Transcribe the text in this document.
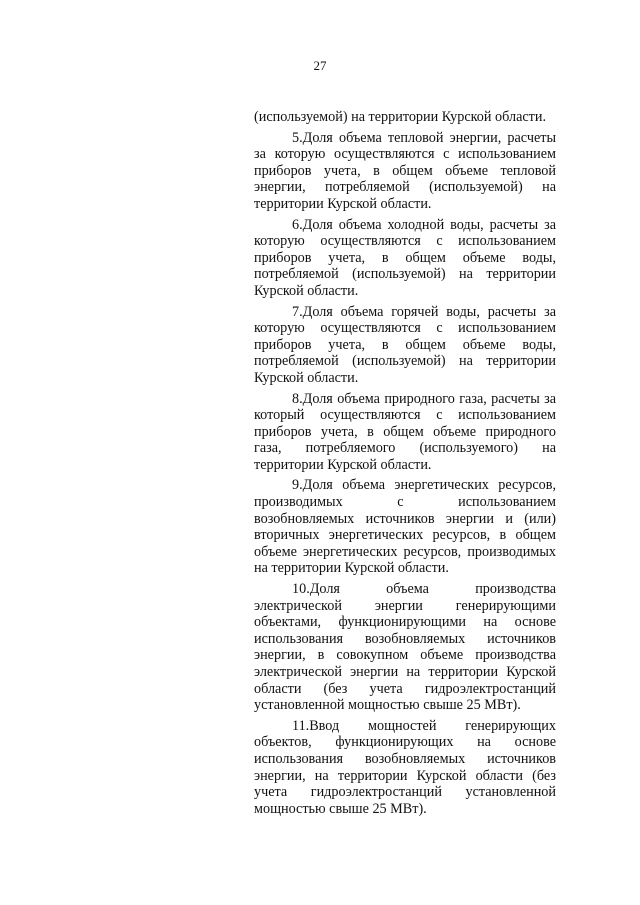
27

(используемой) на территории Курской области.

5.Доля объема тепловой энергии, расчеты за которую осуществляются с использованием приборов учета, в общем объеме тепловой энергии, потребляемой (используемой) на территории Курской области.

6.Доля объема холодной воды, расчеты за которую осуществляются с использованием приборов учета, в общем объеме воды, потребляемой (используемой) на территории Курской области.

7.Доля объема горячей воды, расчеты за которую осуществляются с использованием приборов учета, в общем объеме воды, потребляемой (используемой) на территории Курской области.

8.Доля объема природного газа, расчеты за который осуществляются с использованием приборов учета, в общем объеме природного газа, потребляемого (используемого) на территории Курской области.

9.Доля объема энергетических ресурсов, производимых с использованием возобновляемых источников энергии и (или) вторичных энергетических ресурсов, в общем объеме энергетических ресурсов, производимых на территории Курской области.

10.Доля объема производства электрической энергии генерирующими объектами, функционирующими на основе использования возобновляемых источников энергии, в совокупном объеме производства электрической энергии на территории Курской области (без учета гидроэлектростанций установленной мощностью свыше 25 МВт).

11.Ввод мощностей генерирующих объектов, функционирующих на основе использования возобновляемых источников энергии, на территории Курской области (без учета гидроэлектростанций установленной мощностью свыше 25 МВт).
